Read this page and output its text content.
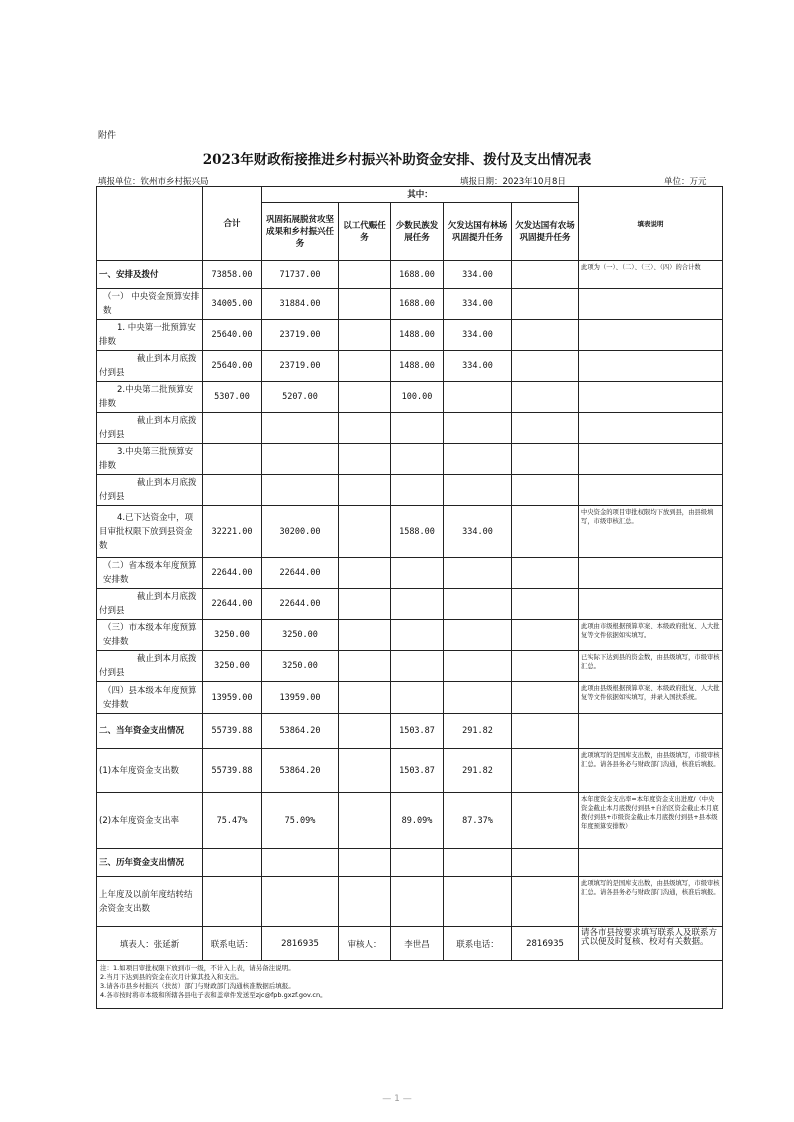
附件
2023年财政衔接推进乡村振兴补助资金安排、拨付及支出情况表
填报单位：钦州市乡村振兴局	填报日期：2023年10月8日	单位：万元
	合计	其中：					填表说明
		巩固拓展脱贫攻坚成果和乡村振兴任务	以工代赈任务	少数民族发展任务	欠发达国有林场巩固提升任务	欠发达国有农场巩固提升任务	
一、安排及拨付	73858.00	71737.00		1688.00	334.00		此项为（一）、（二）、（三）、（四）的合计数
（一） 中央资金预算安排数	34005.00	31884.00		1688.00	334.00		
1. 中央第一批预算安排数	25640.00	23719.00		1488.00	334.00		
截止到本月底拨付到县	25640.00	23719.00		1488.00	334.00		
2.中央第二批预算安排数	5307.00	5207.00		100.00			
截止到本月底拨付到县							
3.中央第三批预算安排数							
截止到本月底拨付到县							
4.已下达资金中，项目审批权限下放到县资金数	32221.00	30200.00		1588.00	334.00		中央资金的项目审批权限均下放到县，由县级填写，市级审核汇总。
（二）省本级本年度预算安排数	22644.00	22644.00					
截止到本月底拨付到县	22644.00	22644.00					
（三）市本级本年度预算安排数	3250.00	3250.00					此项由市级根据预算草案、本级政府批复、人大批复等文件依据如实填写。
截止到本月底拨付到县	3250.00	3250.00					已实际下达到县的资金数，由县级填写，市级审核汇总。
（四）县本级本年度预算安排数	13959.00	13959.00					此项由县级根据预算草案、本级政府批复、人大批复等文件依据如实填写，并录入国扶系统。
二、当年资金支出情况	55739.88	53864.20		1503.87	291.82		
(1)本年度资金支出数	55739.88	53864.20		1503.87	291.82		此项填写的是国库支出数，由县级填写，市级审核汇总。请各县务必与财政部门沟通，核准后填报。
(2)本年度资金支出率	75.47%	75.09%		89.09%	87.37%		本年度资金支出率=本年度资金支出进度/（中央资金截止本月底拨付到县+自治区资金截止本月底拨付到县+市级资金截止本月底拨付到县+县本级年度预算安排数）
三、历年资金支出情况							
上年度及以前年度结转结余资金支出数							此项填写的是国库支出数，由县级填写，市级审核汇总。请各县务必与财政部门沟通，核准后填报。
填表人：张延新	联系电话：	2816935	审核人：	李世昌	联系电话：	2816935	请各市县按要求填写联系人及联系方式以便及时复核、校对有关数据。

注：1.如项目审批权限下放到市一级，不计入上表，请另备注说明。
2.当月下达到县的资金在次月计算其投入和支出。
3.请各市县乡村振兴（扶贫）部门与财政部门沟通核准数据后填报。
4.各市按时将市本级和所辖各县电子表和盖章件发送至zjc@fpb.gxzf.gov.cn。							
— 1 —
